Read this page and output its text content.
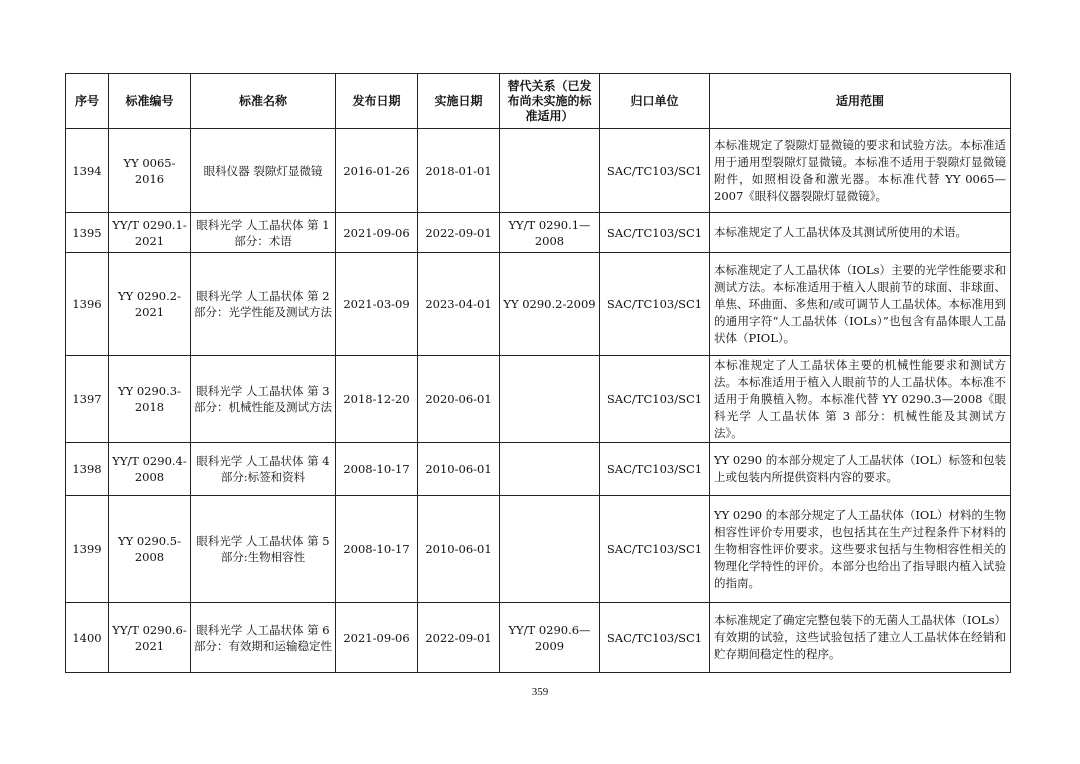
序号	标准编号	标准名称	发布日期	实施日期	替代关系（已发布尚未实施的标准适用）	归口单位	适用范围
1394	YY 0065-2016	眼科仪器 裂隙灯显微镜	2016-01-26	2018-01-01		SAC/TC103/SC1	本标准规定了裂隙灯显微镜的要求和试验方法。本标准适用于通用型裂隙灯显微镜。本标准不适用于裂隙灯显微镜附件，如照相设备和激光器。本标准代替 YY 0065—2007《眼科仪器裂隙灯显微镜》。
1395	YY/T 0290.1-2021	眼科光学 人工晶状体 第 1 部分：术语	2021-09-06	2022-09-01	YY/T 0290.1—2008	SAC/TC103/SC1	本标准规定了人工晶状体及其测试所使用的术语。
1396	YY 0290.2-2021	眼科光学 人工晶状体 第 2 部分：光学性能及测试方法	2021-03-09	2023-04-01	YY 0290.2-2009	SAC/TC103/SC1	本标准规定了人工晶状体（IOLs）主要的光学性能要求和测试方法。本标准适用于植入人眼前节的球面、非球面、单焦、环曲面、多焦和/或可调节人工晶状体。本标准用到的通用字符“人工晶状体（IOLs）”也包含有晶体眼人工晶状体（PIOL）。
1397	YY 0290.3-2018	眼科光学 人工晶状体 第 3 部分：机械性能及测试方法	2018-12-20	2020-06-01		SAC/TC103/SC1	本标准规定了人工晶状体主要的机械性能要求和测试方法。本标准适用于植入人眼前节的人工晶状体。本标准不适用于角膜植入物。本标准代替 YY 0290.3—2008《眼科光学 人工晶状体 第 3 部分：机械性能及其测试方法》。
1398	YY/T 0290.4-2008	眼科光学 人工晶状体 第 4 部分:标签和资料	2008-10-17	2010-06-01		SAC/TC103/SC1	YY 0290 的本部分规定了人工晶状体（IOL）标签和包装上或包装内所提供资料内容的要求。
1399	YY 0290.5-2008	眼科光学 人工晶状体 第 5 部分:生物相容性	2008-10-17	2010-06-01		SAC/TC103/SC1	YY 0290 的本部分规定了人工晶状体（IOL）材料的生物相容性评价专用要求，也包括其在生产过程条件下材料的生物相容性评价要求。这些要求包括与生物相容性相关的物理化学特性的评价。本部分也给出了指导眼内植入试验的指南。
1400	YY/T 0290.6-2021	眼科光学 人工晶状体 第 6 部分：有效期和运输稳定性	2021-09-06	2022-09-01	YY/T 0290.6—2009	SAC/TC103/SC1	本标准规定了确定完整包装下的无菌人工晶状体（IOLs）有效期的试验，这些试验包括了建立人工晶状体在经销和贮存期间稳定性的程序。
359
